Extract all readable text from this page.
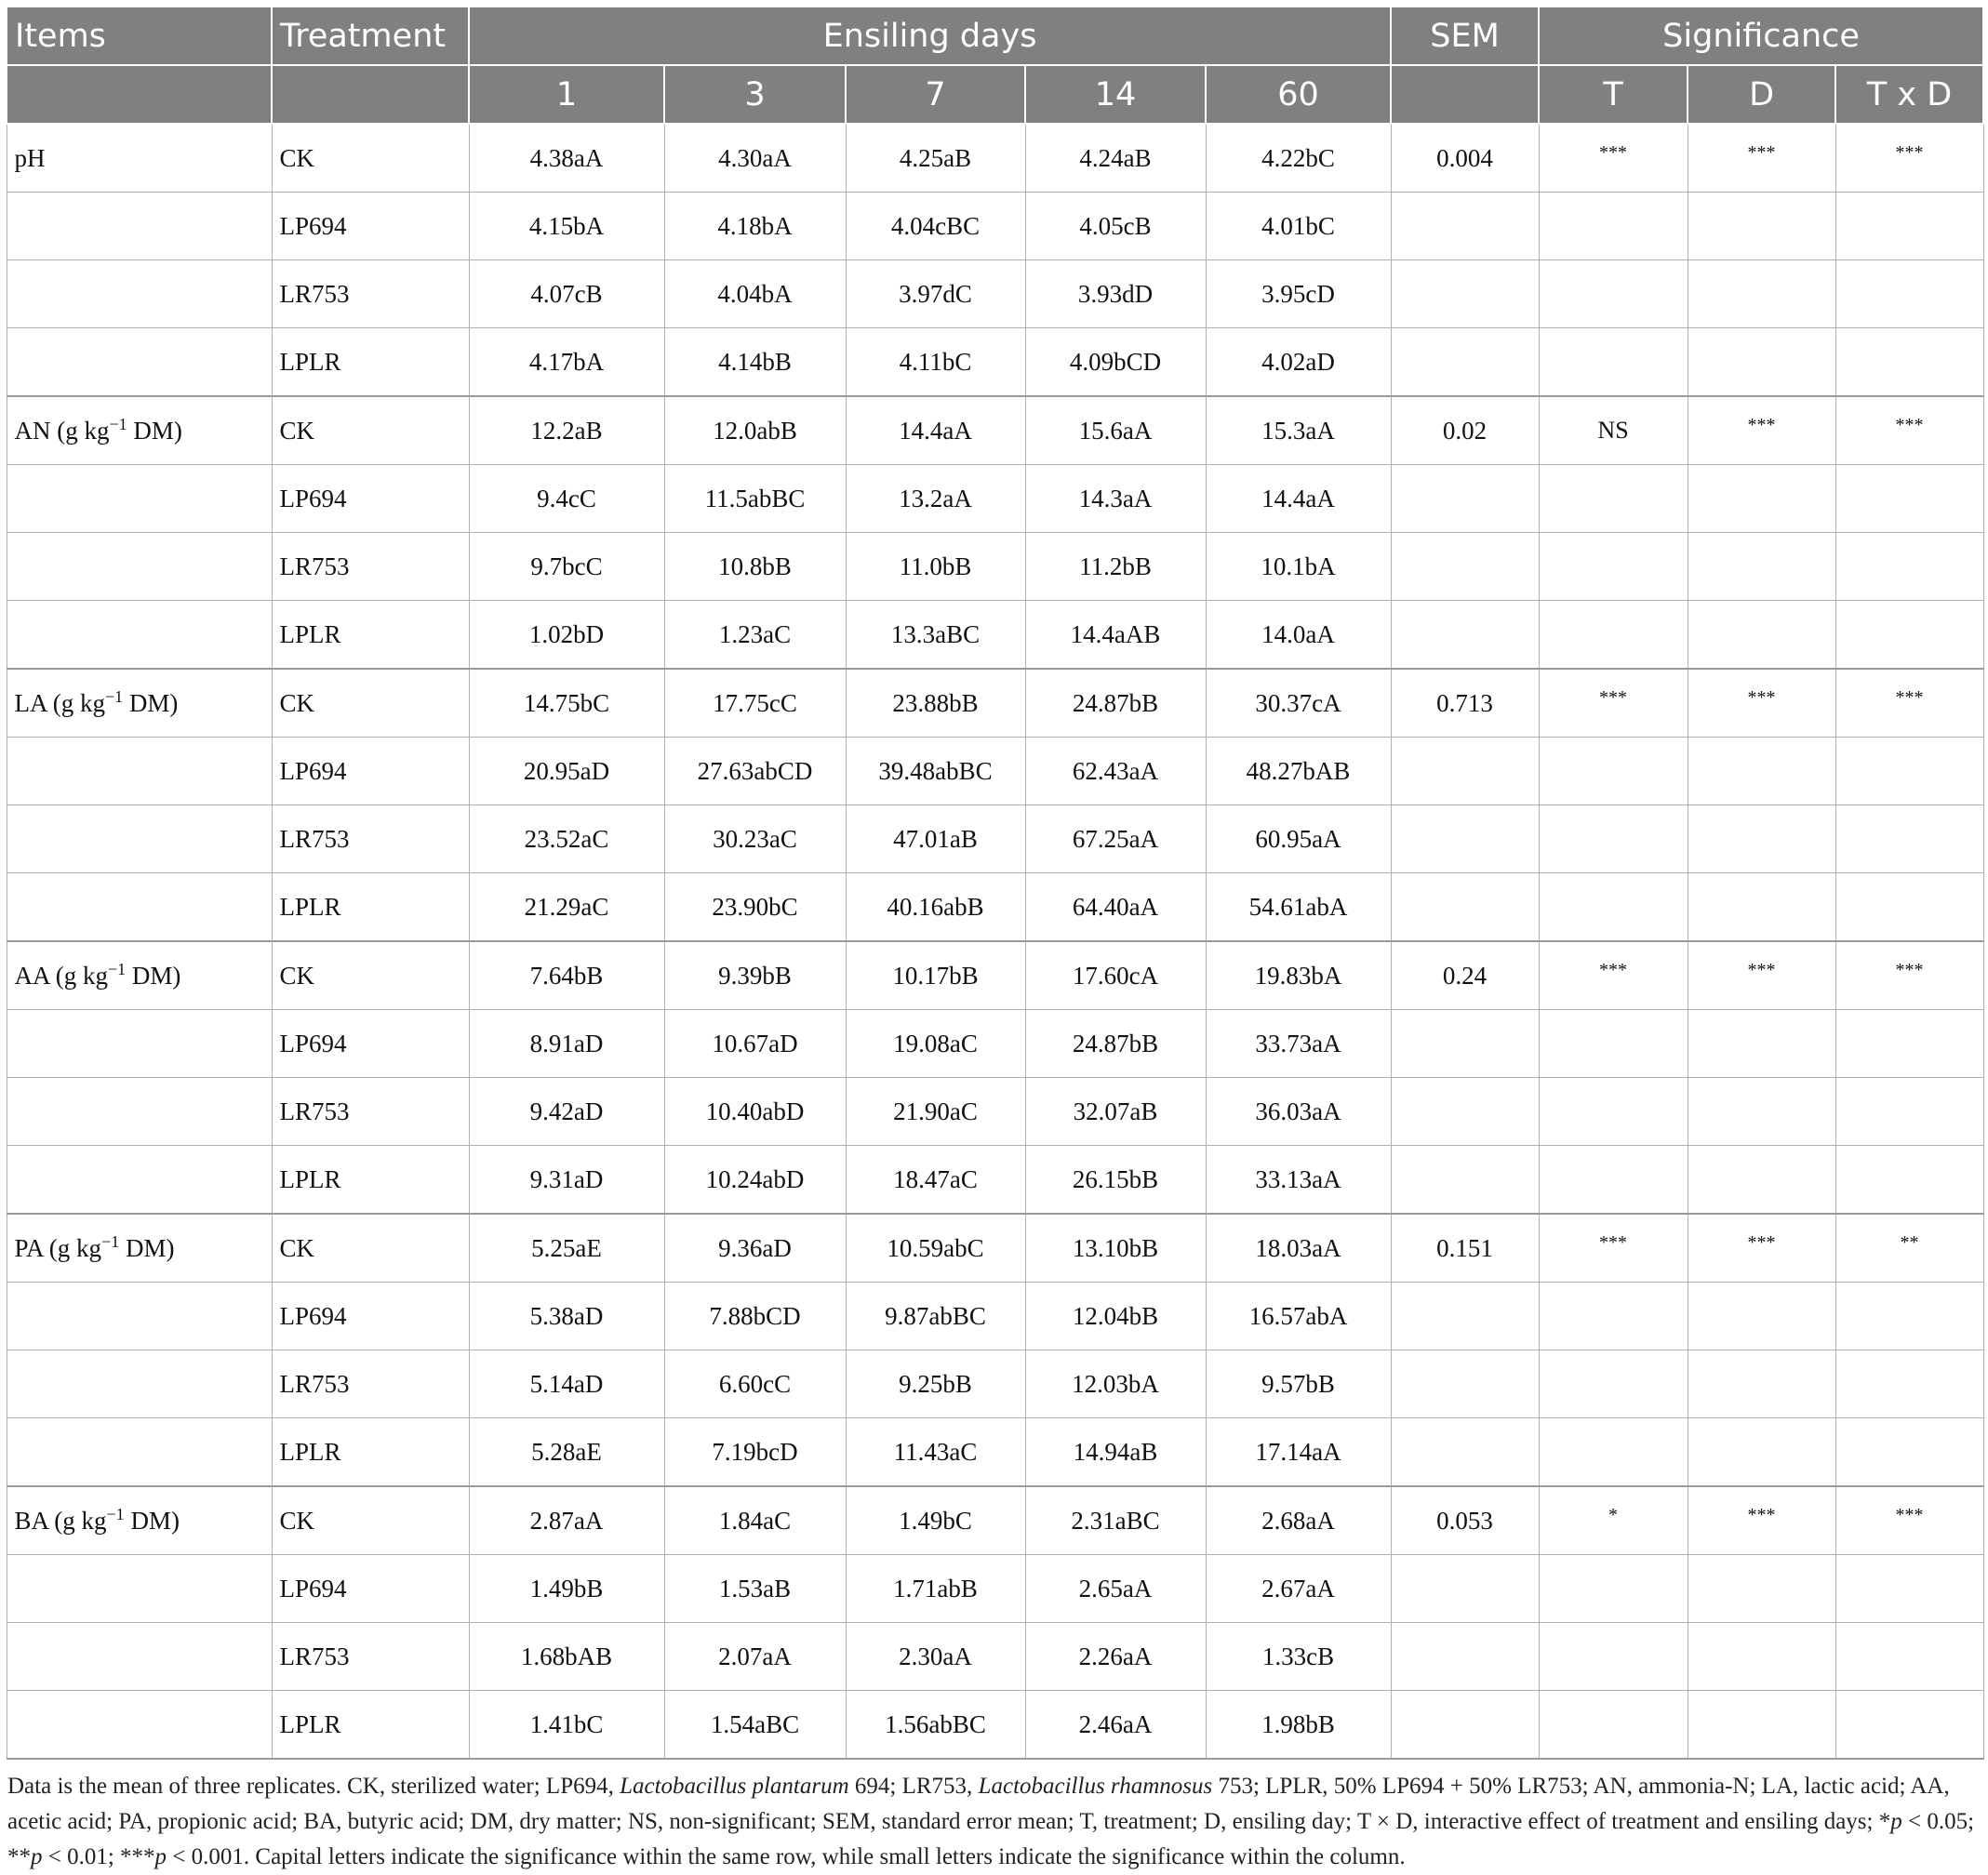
Items	Treatment	Ensiling days					SEM	Significance		
		1	3	7	14	60		T	D	T x D
pH	CK	4.38aA	4.30aA	4.25aB	4.24aB	4.22bC	0.004	***	***	***
	LP694	4.15bA	4.18bA	4.04cBC	4.05cB	4.01bC				
	LR753	4.07cB	4.04bA	3.97dC	3.93dD	3.95cD				
	LPLR	4.17bA	4.14bB	4.11bC	4.09bCD	4.02aD				
AN (g $kg^{-1}$ DM)	CK	12.2aB	12.0abB	14.4aA	15.6aA	15.3aA	0.02	NS	***	***
	LP694	9.4cC	11.5abBC	13.2aA	14.3aA	14.4aA				
	LR753	9.7bcC	10.8bB	11.0bB	11.2bB	10.1bA				
	LPLR	1.02bD	1.23aC	13.3aBC	14.4aAB	14.0aA				
LA (g $kg^{-1}$ DM)	CK	14.75bC	17.75cC	23.88bB	24.87bB	30.37cA	0.713	***	***	***
	LP694	20.95aD	27.63abCD	39.48abBC	62.43aA	48.27bAB				
	LR753	23.52aC	30.23aC	47.01aB	67.25aA	60.95aA				
	LPLR	21.29aC	23.90bC	40.16abB	64.40aA	54.61abA				
AA (g $kg^{-1}$ DM)	CK	7.64bB	9.39bB	10.17bB	17.60cA	19.83bA	0.24	***	***	***
	LP694	8.91aD	10.67aD	19.08aC	24.87bB	33.73aA				
	LR753	9.42aD	10.40abD	21.90aC	32.07aB	36.03aA				
	LPLR	9.31aD	10.24abD	18.47aC	26.15bB	33.13aA				
PA (g $kg^{-1}$ DM)	CK	5.25aE	9.36aD	10.59abC	13.10bB	18.03aA	0.151	***	***	**
	LP694	5.38aD	7.88bCD	9.87abBC	12.04bB	16.57abA				
	LR753	5.14aD	6.60cC	9.25bB	12.03bA	9.57bB				
	LPLR	5.28aE	7.19bcD	11.43aC	14.94aB	17.14aA				
BA (g $kg^{-1}$ DM)	CK	2.87aA	1.84aC	1.49bC	2.31aBC	2.68aA	0.053	*	***	***
	LP694	1.49bB	1.53aB	1.71abB	2.65aA	2.67aA				
	LR753	1.68bAB	2.07aA	2.30aA	2.26aA	1.33cB				
	LPLR	1.41bC	1.54aBC	1.56abBC	2.46aA	1.98bB				
Data is the mean of three replicates. CK, sterilized water; LP694, Lactobacillus plantarum 694; LR753, Lactobacillus rhamnosus 753; LPLR, 50% LP694 + 50% LR753; AN, ammonia-N; LA, lactic acid; AA, acetic acid; PA, propionic acid; BA, butyric acid; DM, dry matter; NS, non-significant; SEM, standard error mean; T, treatment; D, ensiling day; T × D, interactive effect of treatment and ensiling days; *p < 0.05; **p < 0.01; ***p < 0.001. Capital letters indicate the significance within the same row, while small letters indicate the significance within the column.
